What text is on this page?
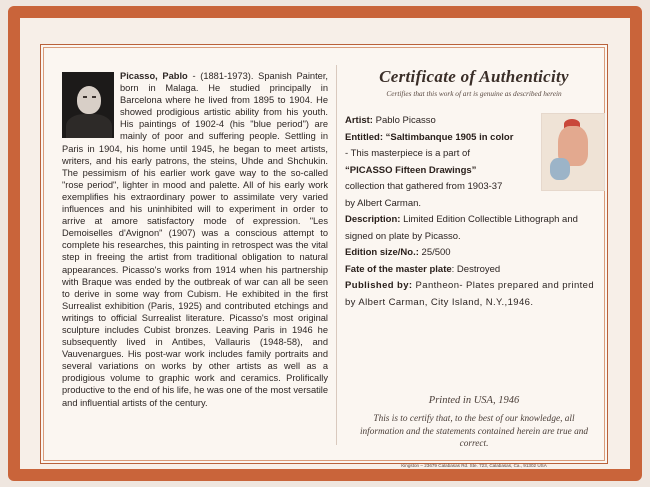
Picasso, Pablo - (1881-1973). Spanish Painter, born in Malaga. He studied principally in Barcelona where he lived from 1895 to 1904. He showed prodigious artistic ability from his youth. His paintings of 1902-4 (his "blue period") are mainly of poor and suffering people. Settling in Paris in 1904, his home until 1945, he began to meet artists, writers, and his early patrons, the steins, Uhde and Shchukin. The pessimism of his earlier work gave way to the so-called "rose period", lighter in mood and palette. All of his early work exemplifies his extraordinary power to assimilate very varied influences and his uninhibited will to experiment in order to arrive at amore satisfactory mode of expression. "Les Demoiselles d'Avignon" (1907) was a conscious attempt to complete his researches, this painting in retrospect was the vital step in freeing the artist from traditional obligation to natural appearances. Picasso's works from 1914 when his partnership with Braque was ended by the outbreak of war can all be seen to derive in some way from Cubism. He exhibited in the first Surrealist exhibition (Paris, 1925) and contributed etchings and writings to official Surrealist literature. Picasso's most original sculpture includes Cubist bronzes. Leaving Paris in 1946 he subsequently lived in Antibes, Vallauris (1948-58), and Vauvenargues. His post-war work includes family portraits and several variations on works by other artists as well as a prodigious volume to graphic work and ceramics. Prolifically productive to the end of his life, he was one of the most versatile and influential artists of the century.
Certificate of Authenticity
Certifies that this work of art is genuine as described herein
Artist: Pablo Picasso
Entitled: “Saltimbanque 1905 in color - This masterpiece is a part of “PICASSO Fifteen Drawings” collection that gathered from 1903-37 by Albert Carman.
Description: Limited Edition Collectible Lithograph and signed on plate by Picasso.
Edition size/No.: 25/500
Fate of the master plate: Destroyed
Published by: Pantheon- Plates prepared and printed by Albert Carman, City Island, N.Y.,1946.
Printed in USA, 1946
This is to certify that, to the best of our knowledge, all information and the statements contained herein are true and correct.
Kingston – 23679 Calabasas Rd. Ste. 723, Calabasas, Ca., 91302 USA
